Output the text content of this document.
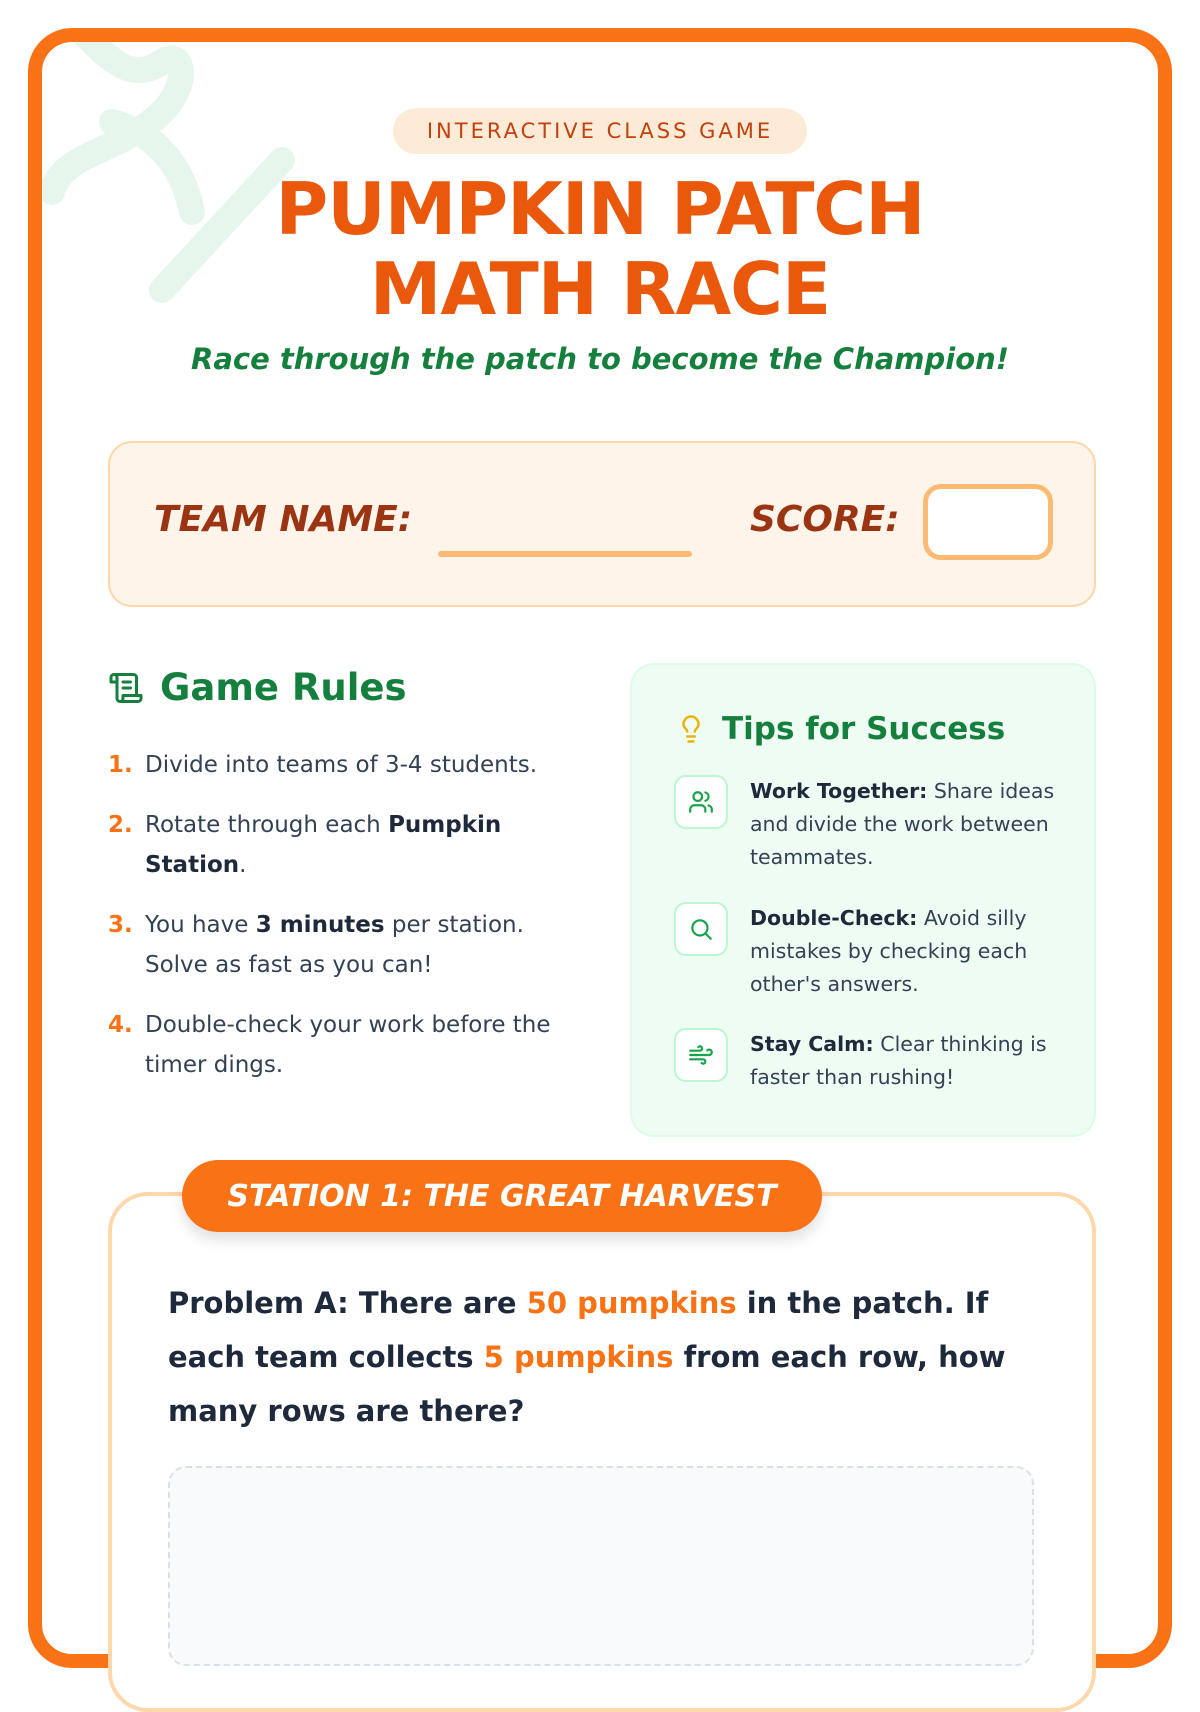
INTERACTIVE CLASS GAME
PUMPKIN PATCH
MATH RACE
Race through the patch to become the Champion!
TEAM NAME:	SCORE:
Game Rules
1. Divide into teams of 3-4 students.
2. Rotate through each Pumpkin Station.
3. You have 3 minutes per station. Solve as fast as you can!
4. Double-check your work before the timer dings.
Tips for Success
Work Together: Share ideas and divide the work between teammates.
Double-Check: Avoid silly mistakes by checking each other's answers.
Stay Calm: Clear thinking is faster than rushing!
STATION 1: THE GREAT HARVEST
Problem A: There are 50 pumpkins in the patch. If each team collects 5 pumpkins from each row, how many rows are there?
